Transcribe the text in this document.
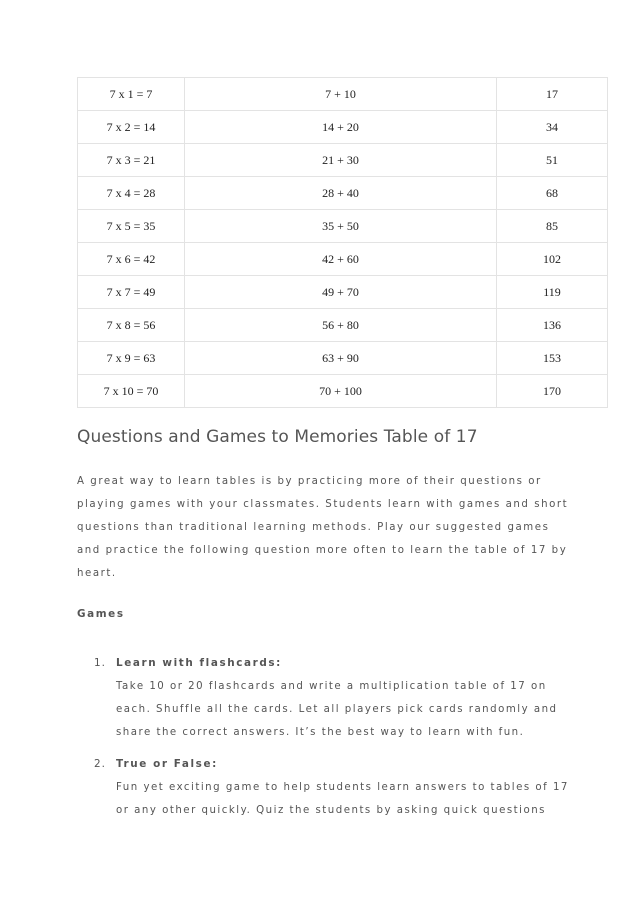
7 x 1 = 7	7 + 10	17
7 x 2 = 14	14 + 20	34
7 x 3 = 21	21 + 30	51
7 x 4 = 28	28 + 40	68
7 x 5 = 35	35 + 50	85
7 x 6 = 42	42 + 60	102
7 x 7 = 49	49 + 70	119
7 x 8 = 56	56 + 80	136
7 x 9 = 63	63 + 90	153
7 x 10 = 70	70 + 100	170
Questions and Games to Memories Table of 17

A great way to learn tables is by practicing more of their questions or playing games with your classmates. Students learn with games and short questions than traditional learning methods. Play our suggested games and practice the following question more often to learn the table of 17 by heart.

Games
1. Learn with flashcards:
Take 10 or 20 flashcards and write a multiplication table of 17 on each. Shuffle all the cards. Let all players pick cards randomly and share the correct answers. It’s the best way to learn with fun.
2. True or False:
Fun yet exciting game to help students learn answers to tables of 17 or any other quickly. Quiz the students by asking quick questions
